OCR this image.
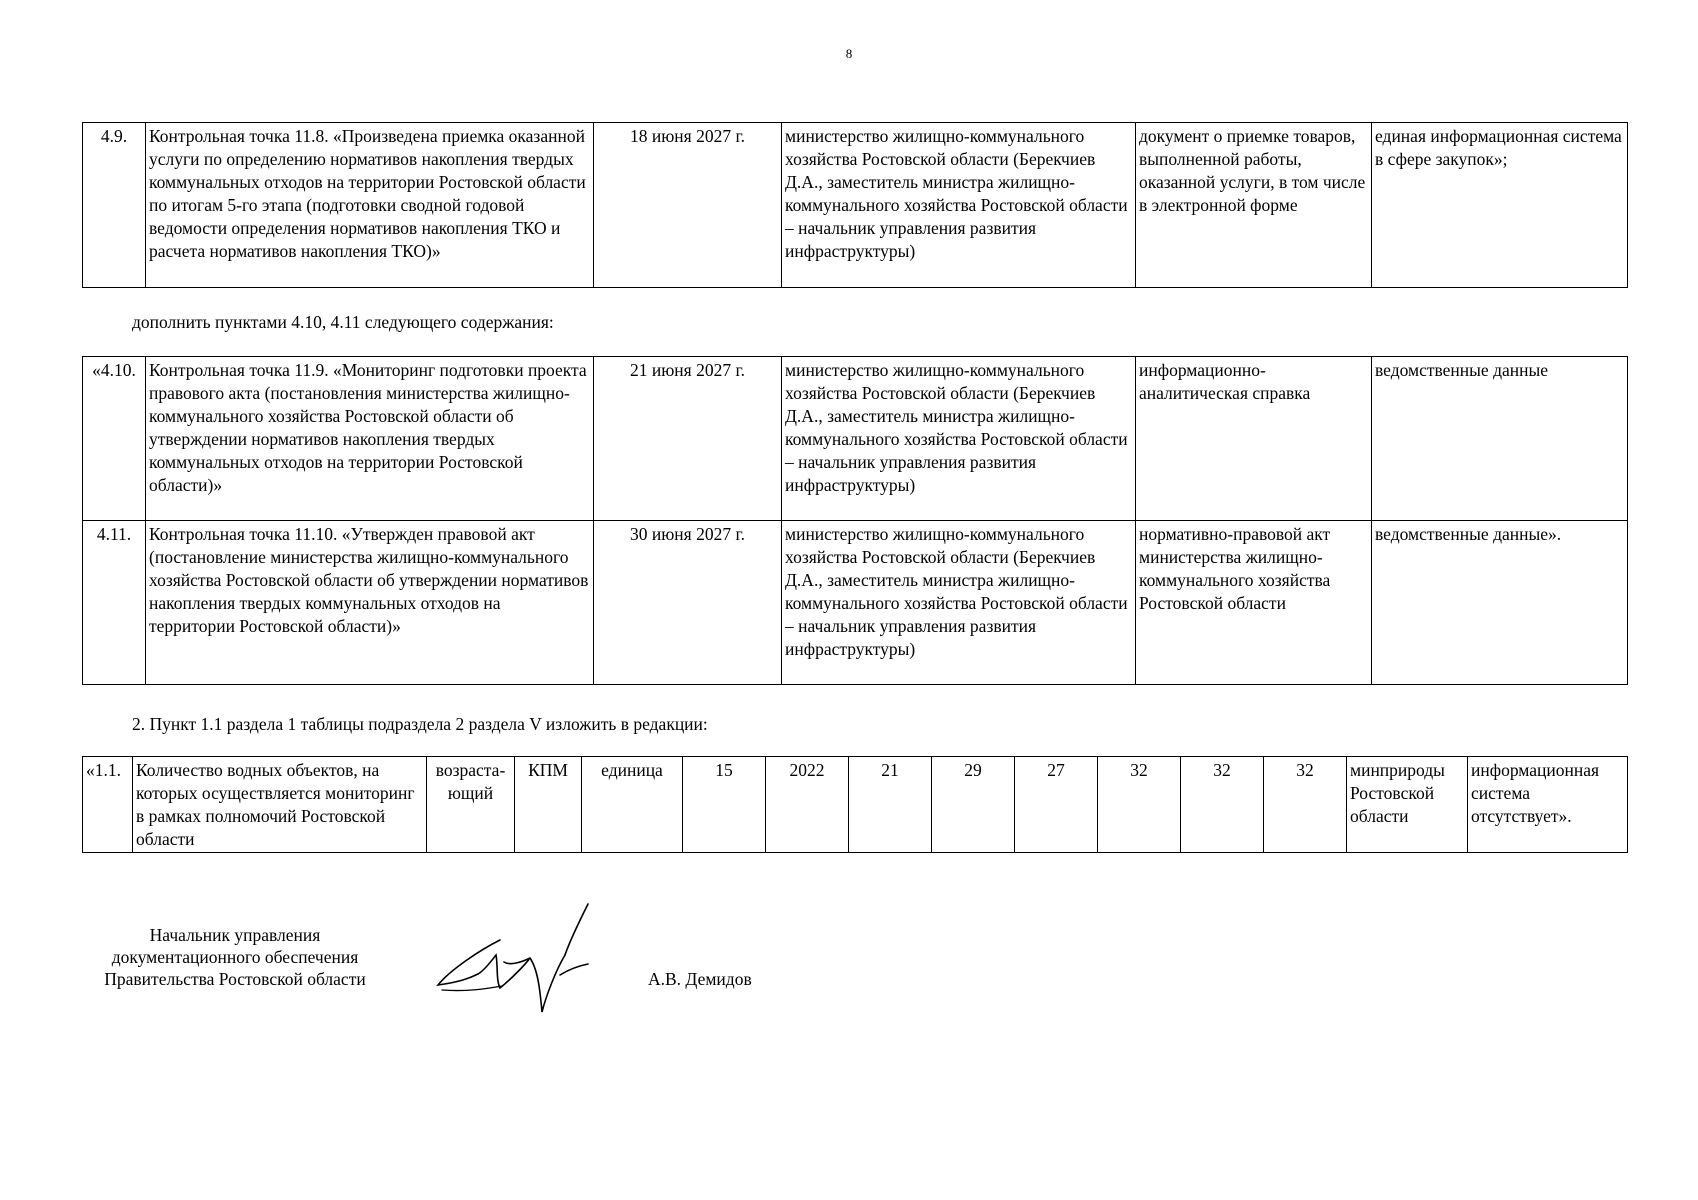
8
4.9.	Контрольная точка 11.8. «Произведена приемка оказанной услуги по определению нормативов накопления твердых коммунальных отходов на территории Ростовской области по итогам 5-го этапа (подготовки сводной годовой ведомости определения нормативов накопления ТКО и расчета нормативов накопления ТКО)»	18 июня 2027 г.	министерство жилищно-коммунального хозяйства Ростовской области (Берекчиев Д.А., заместитель министра жилищно-коммунального хозяйства Ростовской области – начальник управления развития инфраструктуры)	документ о приемке товаров, выполненной работы, оказанной услуги, в том числе в электронной форме	единая информационная система в сфере закупок»;
дополнить пунктами 4.10, 4.11 следующего содержания:
«4.10.	Контрольная точка 11.9. «Мониторинг подготовки проекта правового акта (постановления министерства жилищно-коммунального хозяйства Ростовской области об утверждении нормативов накопления твердых коммунальных отходов на территории Ростовской области)»	21 июня 2027 г.	министерство жилищно-коммунального хозяйства Ростовской области (Берекчиев Д.А., заместитель министра жилищно-коммунального хозяйства Ростовской области – начальник управления развития инфраструктуры)	информационно-аналитическая справка	ведомственные данные
4.11.	Контрольная точка 11.10. «Утвержден правовой акт (постановление министерства жилищно-коммунального хозяйства Ростовской области об утверждении нормативов накопления твердых коммунальных отходов на территории Ростовской области)»	30 июня 2027 г.	министерство жилищно-коммунального хозяйства Ростовской области (Берекчиев Д.А., заместитель министра жилищно-коммунального хозяйства Ростовской области – начальник управления развития инфраструктуры)	нормативно-правовой акт министерства жилищно-коммунального хозяйства Ростовской области	ведомственные данные».
2. Пункт 1.1 раздела 1 таблицы подраздела 2 раздела V изложить в редакции:
«1.1.	Количество водных объектов, на которых осуществляется мониторинг в рамках полномочий Ростовской области	возраста-ющий	КПМ	единица	15	2022	21	29	27	32	32	32	минприроды Ростовской области	информационная система отсутствует».
Начальник управления
документационного обеспечения
Правительства Ростовской области	А.В. Демидов
